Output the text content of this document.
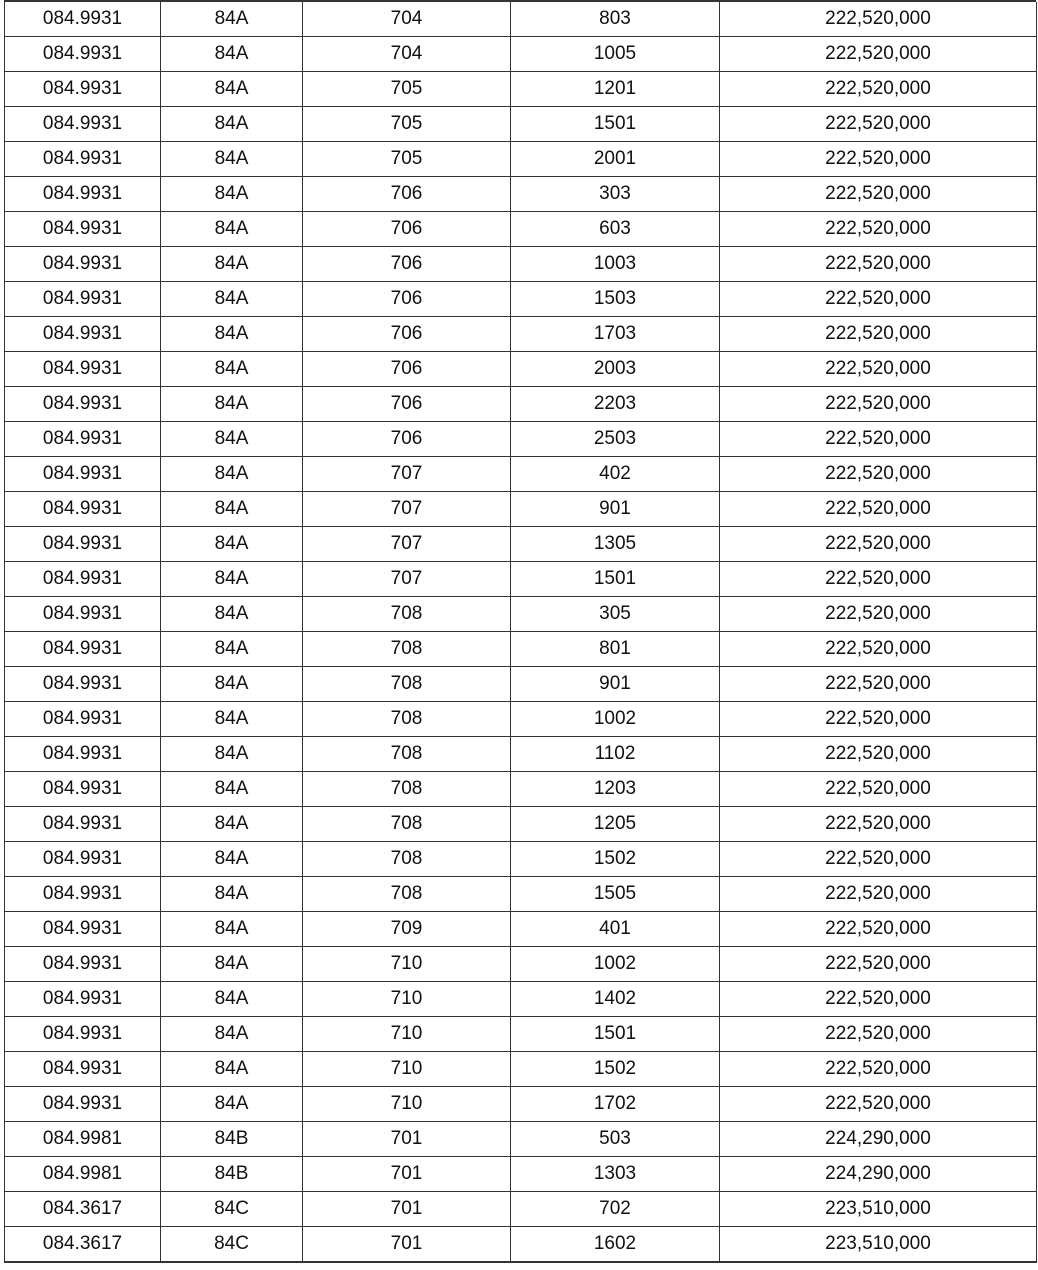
084.9931	84A	704	803	222,520,000
084.9931	84A	704	1005	222,520,000
084.9931	84A	705	1201	222,520,000
084.9931	84A	705	1501	222,520,000
084.9931	84A	705	2001	222,520,000
084.9931	84A	706	303	222,520,000
084.9931	84A	706	603	222,520,000
084.9931	84A	706	1003	222,520,000
084.9931	84A	706	1503	222,520,000
084.9931	84A	706	1703	222,520,000
084.9931	84A	706	2003	222,520,000
084.9931	84A	706	2203	222,520,000
084.9931	84A	706	2503	222,520,000
084.9931	84A	707	402	222,520,000
084.9931	84A	707	901	222,520,000
084.9931	84A	707	1305	222,520,000
084.9931	84A	707	1501	222,520,000
084.9931	84A	708	305	222,520,000
084.9931	84A	708	801	222,520,000
084.9931	84A	708	901	222,520,000
084.9931	84A	708	1002	222,520,000
084.9931	84A	708	1102	222,520,000
084.9931	84A	708	1203	222,520,000
084.9931	84A	708	1205	222,520,000
084.9931	84A	708	1502	222,520,000
084.9931	84A	708	1505	222,520,000
084.9931	84A	709	401	222,520,000
084.9931	84A	710	1002	222,520,000
084.9931	84A	710	1402	222,520,000
084.9931	84A	710	1501	222,520,000
084.9931	84A	710	1502	222,520,000
084.9931	84A	710	1702	222,520,000
084.9981	84B	701	503	224,290,000
084.9981	84B	701	1303	224,290,000
084.3617	84C	701	702	223,510,000
084.3617	84C	701	1602	223,510,000
